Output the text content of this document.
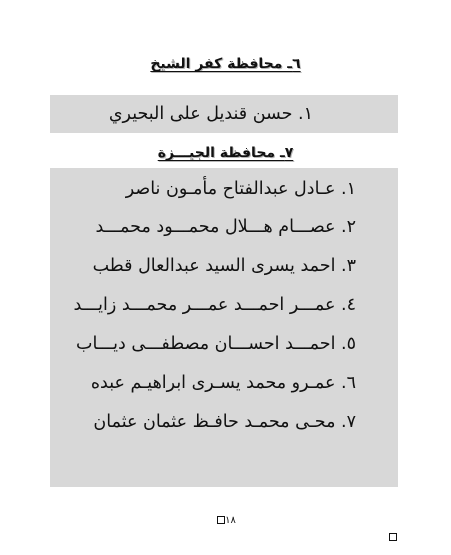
٦ـ محافظة كفر الشيخ
١. حسن قنديل على البحيري
٧ـ محافظة الجيـــزة
١. عـادل عبدالفتاح مأمـون ناصر
٢. عصـــام هـــلال محمـــود محمـــد
٣. احمد يسرى السيد عبدالعال قطب
٤. عمـــر احمـــد عمـــر محمـــد زايـــد
٥. احمـــد احســـان مصطفـــى ديـــاب
٦. عمـرو محمد يسـرى ابراهيـم عبده
٧. محـى محمـد حافـظ عثمان عثمان
١٨
